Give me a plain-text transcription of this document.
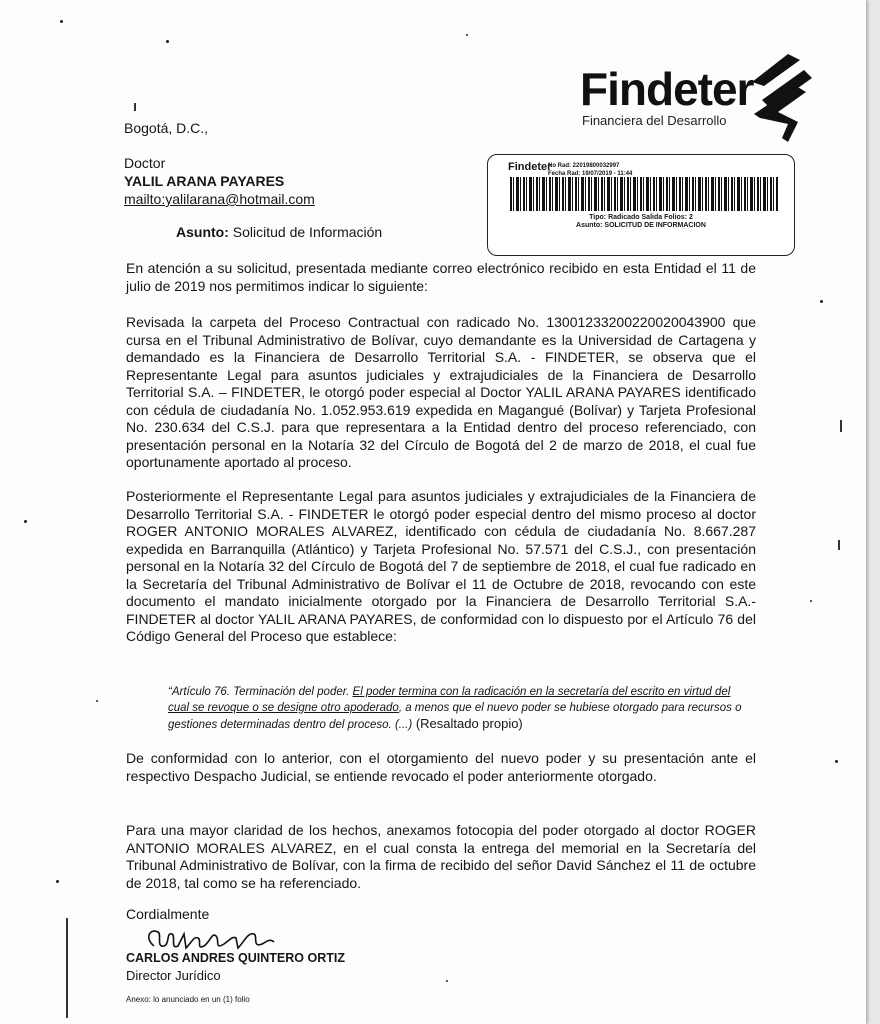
Findeter
Financiera del Desarrollo
Findeter
No Rad: 22019800032997
Fecha Rad: 19/07/2019 - 11:44
Tipo: Radicado Salida Folios: 2
Asunto: SOLICITUD DE INFORMACION
Bogotá, D.C.,
Doctor
YALIL ARANA PAYARES
mailto:yalilarana@hotmail.com
Asunto: Solicitud de Información

En atención a su solicitud, presentada mediante correo electrónico recibido en esta Entidad el 11 de julio de 2019 nos permitimos indicar lo siguiente:

Revisada la carpeta del Proceso Contractual con radicado No. 13001233200220020043900 que cursa en el Tribunal Administrativo de Bolívar, cuyo demandante es la Universidad de Cartagena y demandado es la Financiera de Desarrollo Territorial S.A. - FINDETER, se observa que el Representante Legal para asuntos judiciales y extrajudiciales de la Financiera de Desarrollo Territorial S.A. – FINDETER, le otorgó poder especial al Doctor YALIL ARANA PAYARES identificado con cédula de ciudadanía No. 1.052.953.619 expedida en Magangué (Bolívar) y Tarjeta Profesional No. 230.634 del C.S.J. para que representara a la Entidad dentro del proceso referenciado, con presentación personal en la Notaría 32 del Círculo de Bogotá del 2 de marzo de 2018, el cual fue oportunamente aportado al proceso.

Posteriormente el Representante Legal para asuntos judiciales y extrajudiciales de la Financiera de Desarrollo Territorial S.A. - FINDETER le otorgó poder especial dentro del mismo proceso al doctor ROGER ANTONIO MORALES ALVAREZ, identificado con cédula de ciudadanía No. 8.667.287 expedida en Barranquilla (Atlántico) y Tarjeta Profesional No. 57.571 del C.S.J., con presentación personal en la Notaría 32 del Círculo de Bogotá del 7 de septiembre de 2018, el cual fue radicado en la Secretaría del Tribunal Administrativo de Bolívar el 11 de Octubre de 2018, revocando con este documento el mandato inicialmente otorgado por la Financiera de Desarrollo Territorial S.A.- FINDETER al doctor YALIL ARANA PAYARES, de conformidad con lo dispuesto por el Artículo 76 del Código General del Proceso que establece:

“Artículo 76. Terminación del poder. El poder termina con la radicación en la secretaría del escrito en virtud del cual se revoque o se designe otro apoderado, a menos que el nuevo poder se hubiese otorgado para recursos o gestiones determinadas dentro del proceso. (...) (Resaltado propio)

De conformidad con lo anterior, con el otorgamiento del nuevo poder y su presentación ante el respectivo Despacho Judicial, se entiende revocado el poder anteriormente otorgado.

Para una mayor claridad de los hechos, anexamos fotocopia del poder otorgado al doctor ROGER ANTONIO MORALES ALVAREZ, en el cual consta la entrega del memorial en la Secretaría del Tribunal Administrativo de Bolívar, con la firma de recibido del señor David Sánchez el 11 de octubre de 2018, tal como se ha referenciado.

Cordialmente
CARLOS ANDRES QUINTERO ORTIZ
Director Jurídico
Anexo: lo anunciado en un (1) folio
